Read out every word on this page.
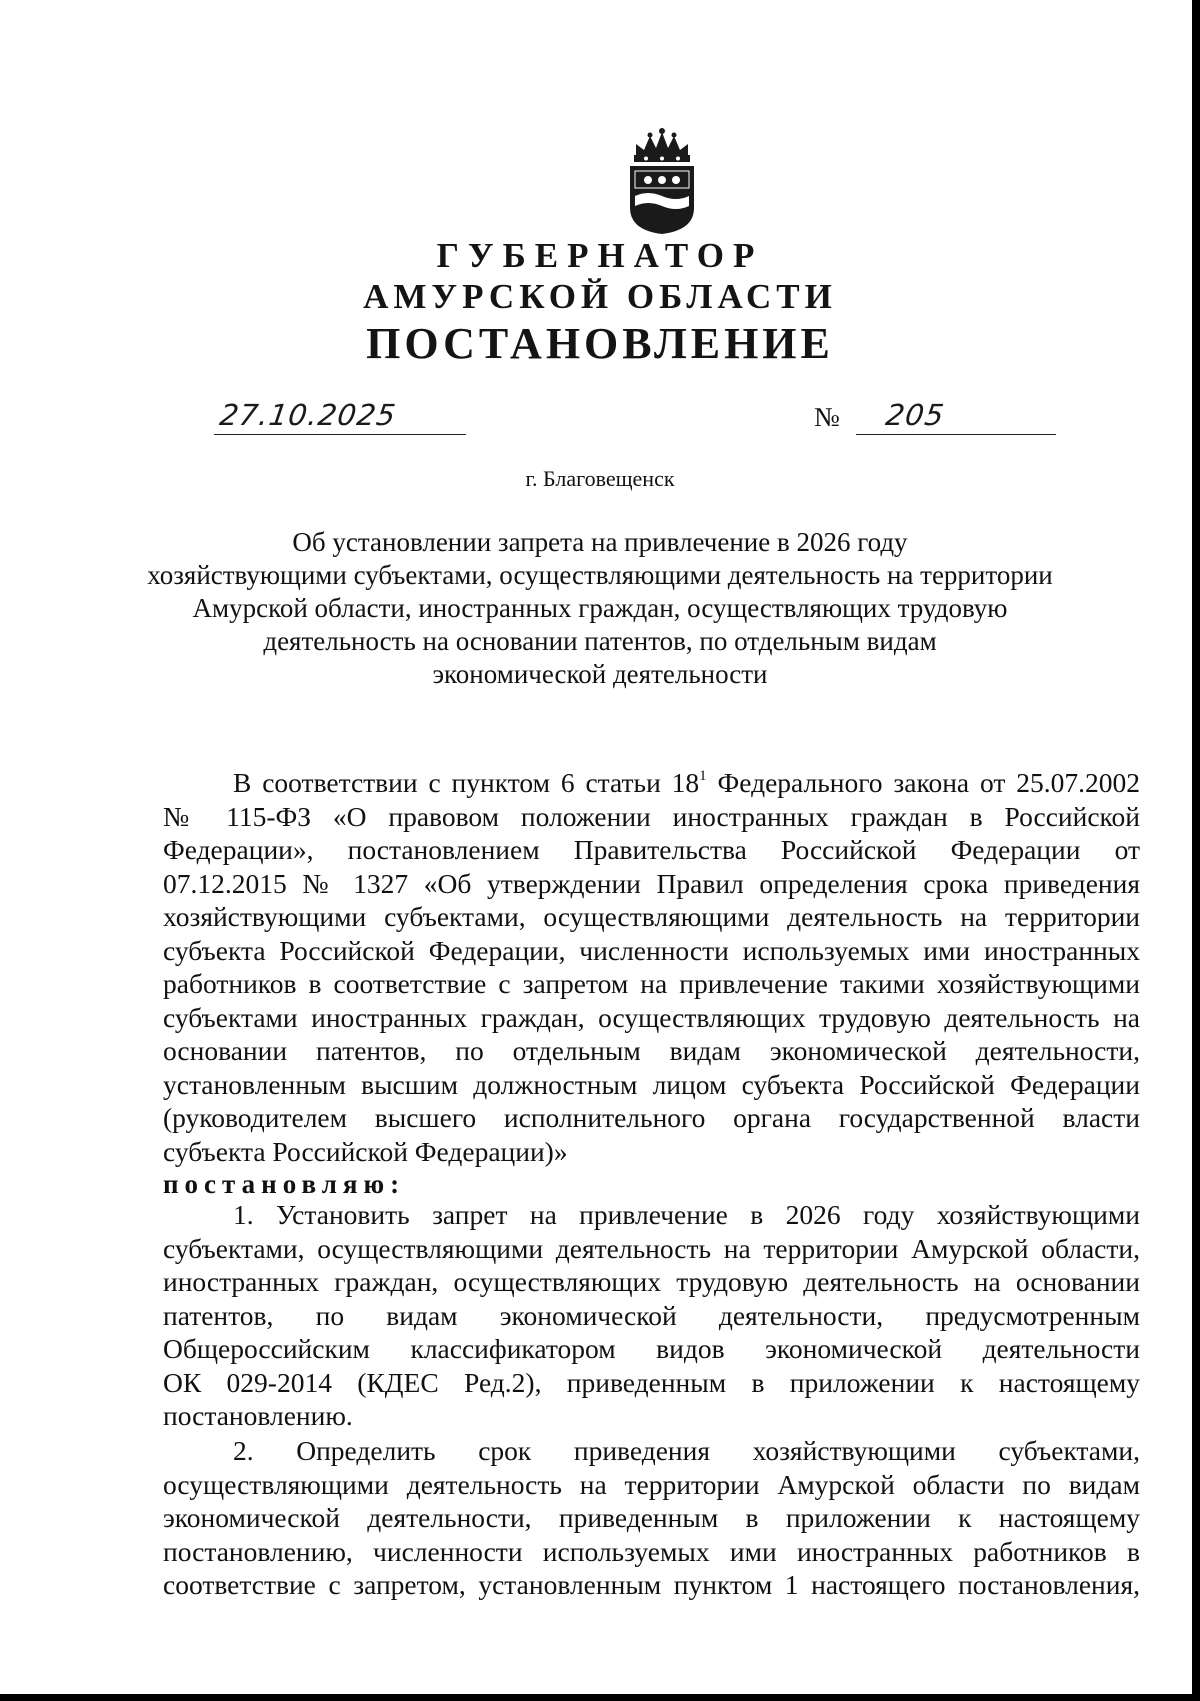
ГУБЕРНАТОР
АМУРСКОЙ ОБЛАСТИ
ПОСТАНОВЛЕНИЕ
27.10.2025	№ 205
г. Благовещенск
Об установлении запрета на привлечение в 2026 году
хозяйствующими субъектами, осуществляющими деятельность на территории
Амурской области, иностранных граждан, осуществляющих трудовую
деятельность на основании патентов, по отдельным видам
экономической деятельности
В соответствии с пунктом 6 статьи $18^1$ Федерального закона от 25.07.2002
№ 115-ФЗ «О правовом положении иностранных граждан в Российской
Федерации», постановлением Правительства Российской Федерации от
07.12.2015 № 1327 «Об утверждении Правил определения срока приведения
хозяйствующими субъектами, осуществляющими деятельность на территории
субъекта Российской Федерации, численности используемых ими иностранных
работников в соответствие с запретом на привлечение такими хозяйствующими
субъектами иностранных граждан, осуществляющих трудовую деятельность на
основании патентов, по отдельным видам экономической деятельности,
установленным высшим должностным лицом субъекта Российской Федерации
(руководителем высшего исполнительного органа государственной власти
субъекта Российской Федерации)»
постановляю:
1. Установить запрет на привлечение в 2026 году хозяйствующими
субъектами, осуществляющими деятельность на территории Амурской области,
иностранных граждан, осуществляющих трудовую деятельность на основании
патентов, по видам экономической деятельности, предусмотренным
Общероссийским классификатором видов экономической деятельности
ОК 029-2014 (КДЕС Ред.2), приведенным в приложении к настоящему
постановлению.
2. Определить срок приведения хозяйствующими субъектами,
осуществляющими деятельность на территории Амурской области по видам
экономической деятельности, приведенным в приложении к настоящему
постановлению, численности используемых ими иностранных работников в
соответствие с запретом, установленным пунктом 1 настоящего постановления,
